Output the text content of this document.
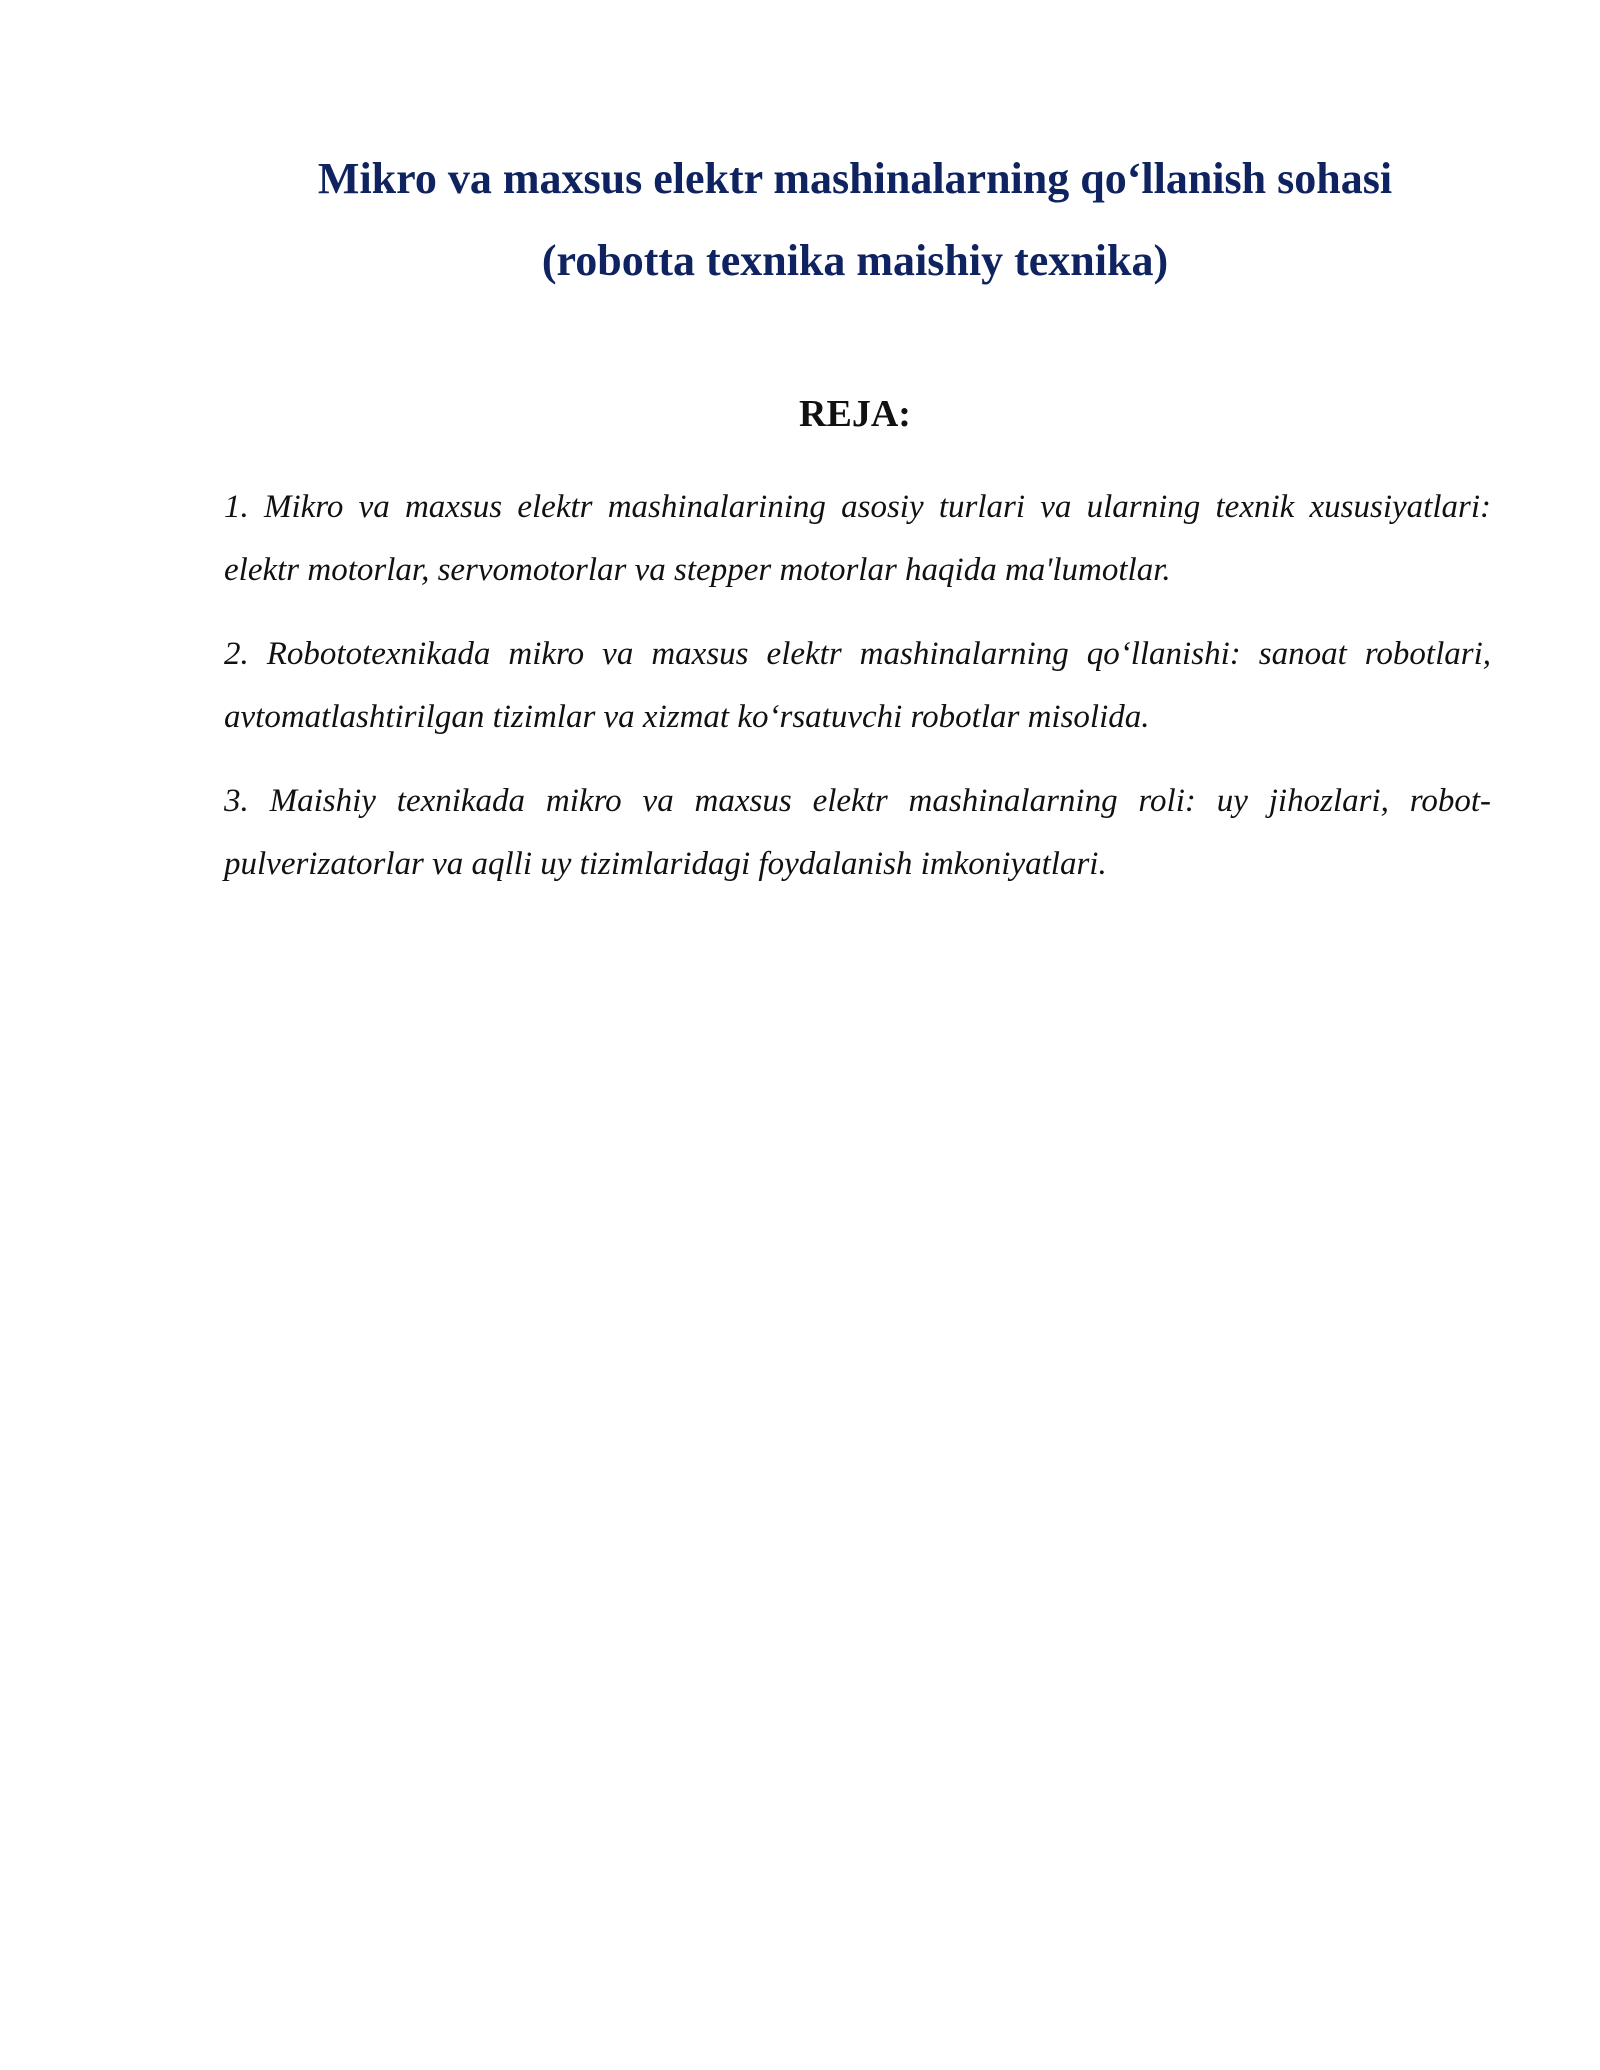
Mikro va maxsus elektr mashinalarning qo‘llanish sohasi
(robotta texnika maishiy texnika)
REJA:
1. Mikro va maxsus elektr mashinalarining asosiy turlari va ularning texnik xususiyatlari: elektr motorlar, servomotorlar va stepper motorlar haqida ma'lumotlar.
2. Robototexnikada mikro va maxsus elektr mashinalarning qo‘llanishi: sanoat robotlari, avtomatlashtirilgan tizimlar va xizmat ko‘rsatuvchi robotlar misolida.
3. Maishiy texnikada mikro va maxsus elektr mashinalarning roli: uy jihozlari, robot-pulverizatorlar va aqlli uy tizimlaridagi foydalanish imkoniyatlari.
